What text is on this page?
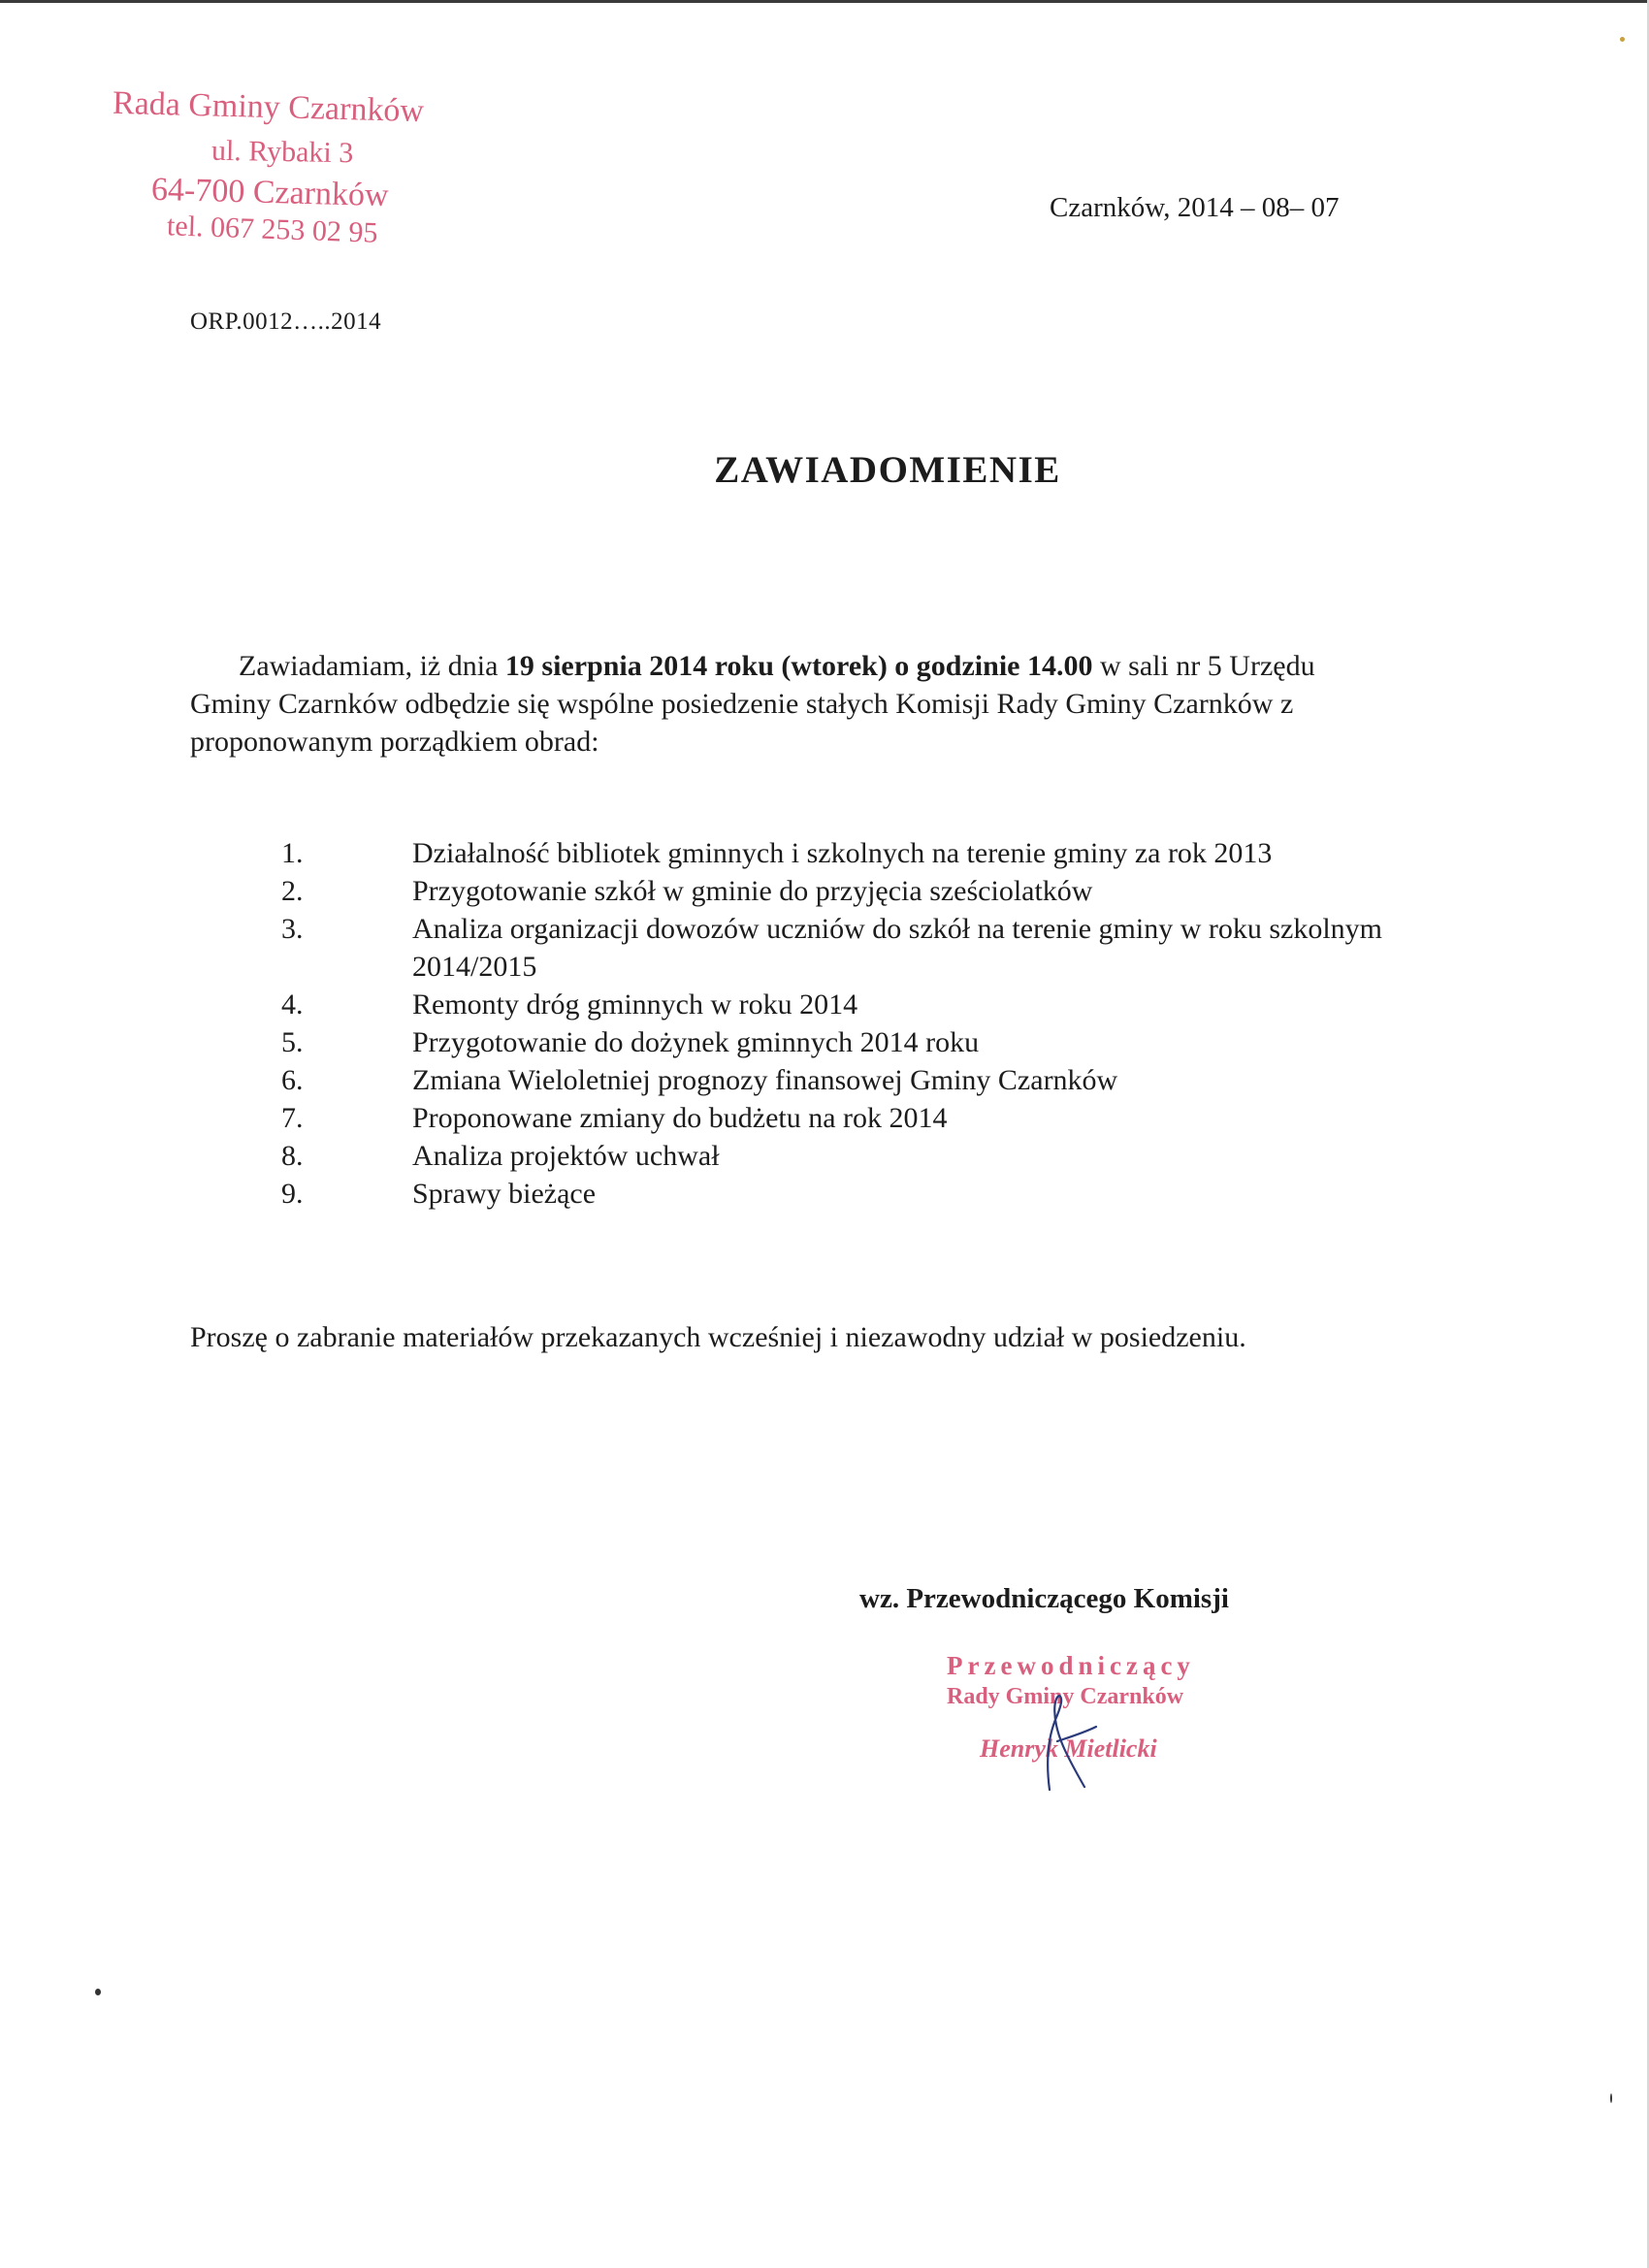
Rada Gminy Czarnków
ul. Rybaki 3
64-700 Czarnków
tel. 067 253 02 95
Czarnków, 2014 – 08– 07
ORP.0012…..2014
ZAWIADOMIENIE
Zawiadamiam, iż dnia 19 sierpnia 2014 roku (wtorek) o godzinie 14.00 w sali nr 5 Urzędu Gminy Czarnków odbędzie się wspólne posiedzenie stałych Komisji Rady Gminy Czarnków z proponowanym porządkiem obrad:
1.	Działalność bibliotek gminnych i szkolnych na terenie gminy za rok 2013
2.	Przygotowanie szkół w gminie do przyjęcia sześciolatków
3.	Analiza organizacji dowozów uczniów do szkół na terenie gminy w roku szkolnym 2014/2015
4.	Remonty dróg gminnych w roku 2014
5.	Przygotowanie do dożynek gminnych 2014 roku
6.	Zmiana Wieloletniej prognozy finansowej Gminy Czarnków
7.	Proponowane zmiany do budżetu na rok 2014
8.	Analiza projektów uchwał
9.	Sprawy bieżące
Proszę o zabranie materiałów przekazanych wcześniej i niezawodny udział w posiedzeniu.
wz. Przewodniczącego Komisji
Przewodniczący
Rady Gminy Czarnków
Henryk Mietlicki
